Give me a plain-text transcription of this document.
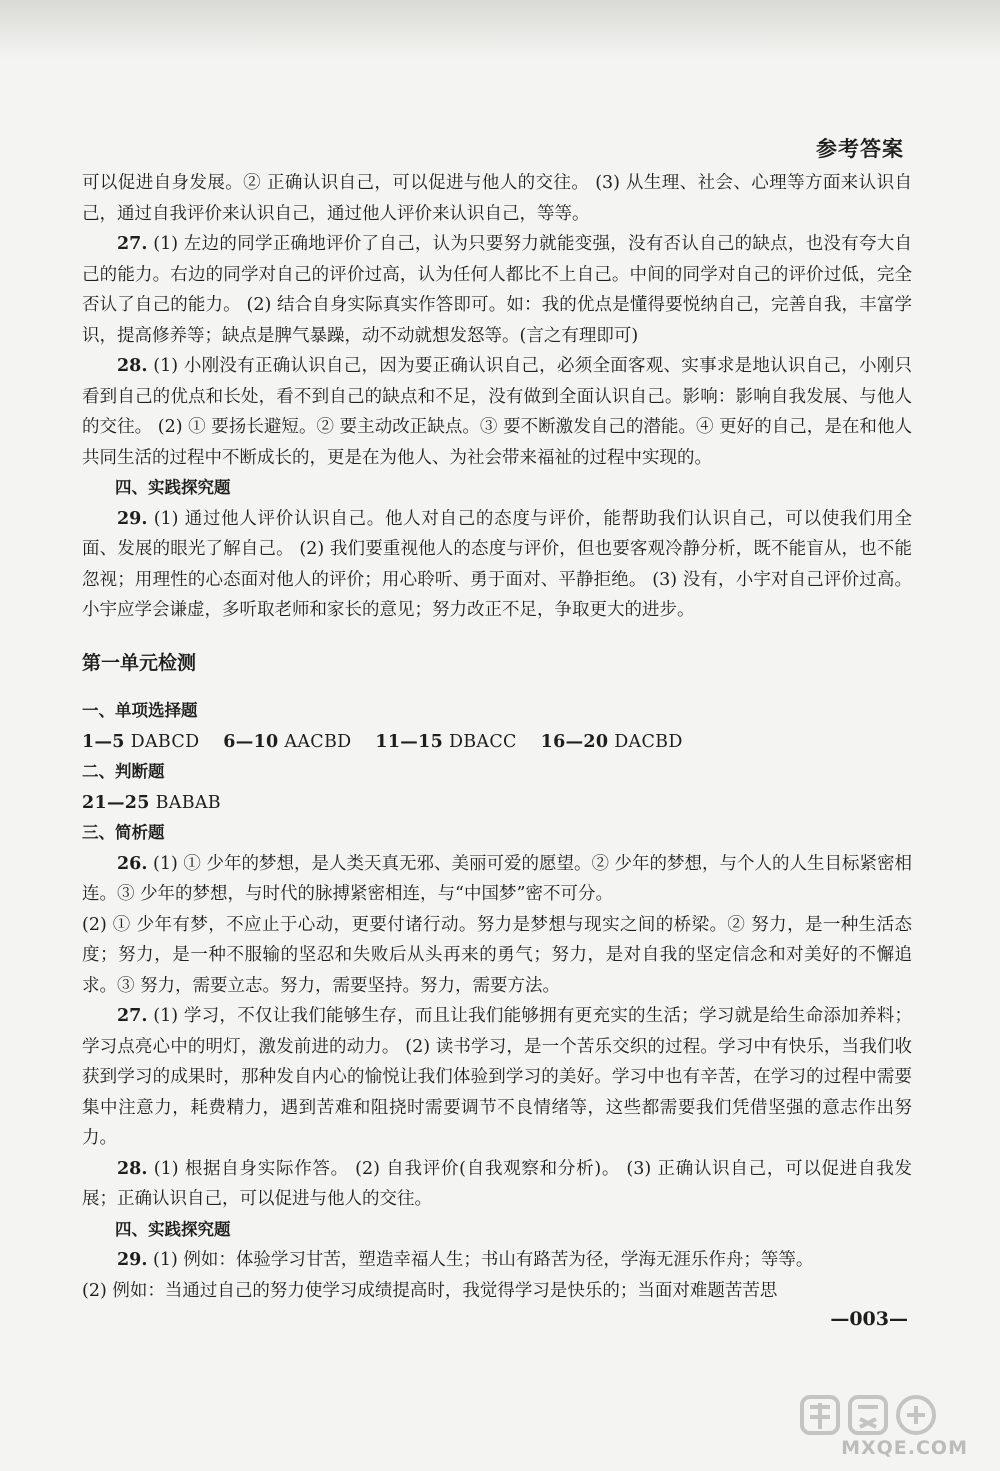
参考答案

可以促进自身发展。② 正确认识自己，可以促进与他人的交往。 (3) 从生理、社会、心理等方面来认识自己，通过自我评价来认识自己，通过他人评价来认识自己，等等。

27. (1) 左边的同学正确地评价了自己，认为只要努力就能变强，没有否认自己的缺点，也没有夸大自己的能力。右边的同学对自己的评价过高，认为任何人都比不上自己。中间的同学对自己的评价过低，完全否认了自己的能力。 (2) 结合自身实际真实作答即可。如：我的优点是懂得要悦纳自己，完善自我，丰富学识，提高修养等；缺点是脾气暴躁，动不动就想发怒等。(言之有理即可)

28. (1) 小刚没有正确认识自己，因为要正确认识自己，必须全面客观、实事求是地认识自己，小刚只看到自己的优点和长处，看不到自己的缺点和不足，没有做到全面认识自己。影响：影响自我发展、与他人的交往。 (2) ① 要扬长避短。② 要主动改正缺点。③ 要不断激发自己的潜能。④ 更好的自己，是在和他人共同生活的过程中不断成长的，更是在为他人、为社会带来福祉的过程中实现的。

四、实践探究题

29. (1) 通过他人评价认识自己。他人对自己的态度与评价，能帮助我们认识自己，可以使我们用全面、发展的眼光了解自己。 (2) 我们要重视他人的态度与评价，但也要客观冷静分析，既不能盲从，也不能忽视；用理性的心态面对他人的评价；用心聆听、勇于面对、平静拒绝。 (3) 没有，小宇对自己评价过高。小宇应学会谦虚，多听取老师和家长的意见；努力改正不足，争取更大的进步。

第一单元检测

一、单项选择题

1—5 DABCD 6—10 AACBD 11—15 DBACC 16—20 DACBD

二、判断题

21—25 BABAB

三、简析题

26. (1) ① 少年的梦想，是人类天真无邪、美丽可爱的愿望。② 少年的梦想，与个人的人生目标紧密相连。③ 少年的梦想，与时代的脉搏紧密相连，与“中国梦”密不可分。

(2) ① 少年有梦，不应止于心动，更要付诸行动。努力是梦想与现实之间的桥梁。② 努力，是一种生活态度；努力，是一种不服输的坚忍和失败后从头再来的勇气；努力，是对自我的坚定信念和对美好的不懈追求。③ 努力，需要立志。努力，需要坚持。努力，需要方法。

27. (1) 学习，不仅让我们能够生存，而且让我们能够拥有更充实的生活；学习就是给生命添加养料；学习点亮心中的明灯，激发前进的动力。 (2) 读书学习，是一个苦乐交织的过程。学习中有快乐，当我们收获到学习的成果时，那种发自内心的愉悦让我们体验到学习的美好。学习中也有辛苦，在学习的过程中需要集中注意力，耗费精力，遇到苦难和阻挠时需要调节不良情绪等，这些都需要我们凭借坚强的意志作出努力。

28. (1) 根据自身实际作答。 (2) 自我评价(自我观察和分析)。 (3) 正确认识自己，可以促进自我发展；正确认识自己，可以促进与他人的交往。

四、实践探究题

29. (1) 例如：体验学习甘苦，塑造幸福人生；书山有路苦为径，学海无涯乐作舟；等等。

(2) 例如：当通过自己的努力使学习成绩提高时，我觉得学习是快乐的；当面对难题苦苦思

—003—
MXQE.COM
